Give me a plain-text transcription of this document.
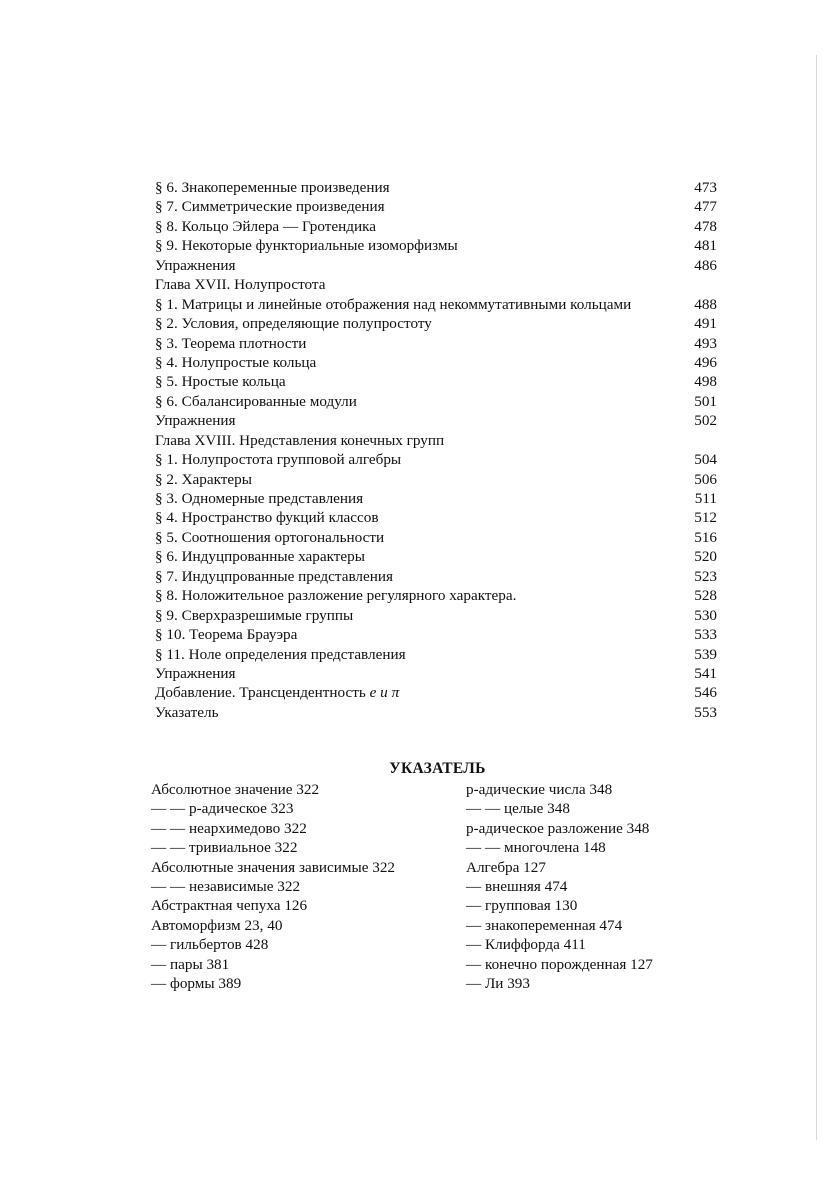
§ 6. Знакопеременные произведения	473
§ 7. Симметрические произведения	477
§ 8. Кольцо Эйлера — Гротендика	478
§ 9. Некоторые функториальные изоморфизмы	481
Упражнения	486
Глава XVII. Нолупростота
§ 1. Матрицы и линейные отображения над некоммутативными кольцами	488
§ 2. Условия, определяющие полупростоту	491
§ 3. Теорема плотности	493
§ 4. Нолупростые кольца	496
§ 5. Нростые кольца	498
§ 6. Сбалансированные модули	501
Упражнения	502
Глава XVIII. Нредставления конечных групп
§ 1. Нолупростота групповой алгебры	504
§ 2. Характеры	506
§ 3. Одномерные представления	511
§ 4. Нространство фукций классов	512
§ 5. Соотношения ортогональности	516
§ 6. Индуцпрованные характеры	520
§ 7. Индуцпрованные представления	523
§ 8. Ноложительное разложение регулярного характера.	528
§ 9. Сверхразрешимые группы	530
§ 10. Теорема Брауэра	533
§ 11. Ноле определения представления	539
Упражнения	541
Добавление. Трансцендентность e и π	546
Указатель	553
УКАЗАТЕЛЬ
Абсолютное значение 322
— — p-адическое 323
— — неархимедово 322
— — тривиальное 322
Абсолютные значения зависимые 322
— — независимые 322
Абстрактная чепуха 126
Автоморфизм 23, 40
— гильбертов 428
— пары 381
— формы 389
p-адические числа 348
— — целые 348
p-адическое разложение 348
— — многочлена 148
Алгебра 127
— внешняя 474
— групповая 130
— знакопеременная 474
— Клиффорда 411
— конечно порожденная 127
— Ли 393
